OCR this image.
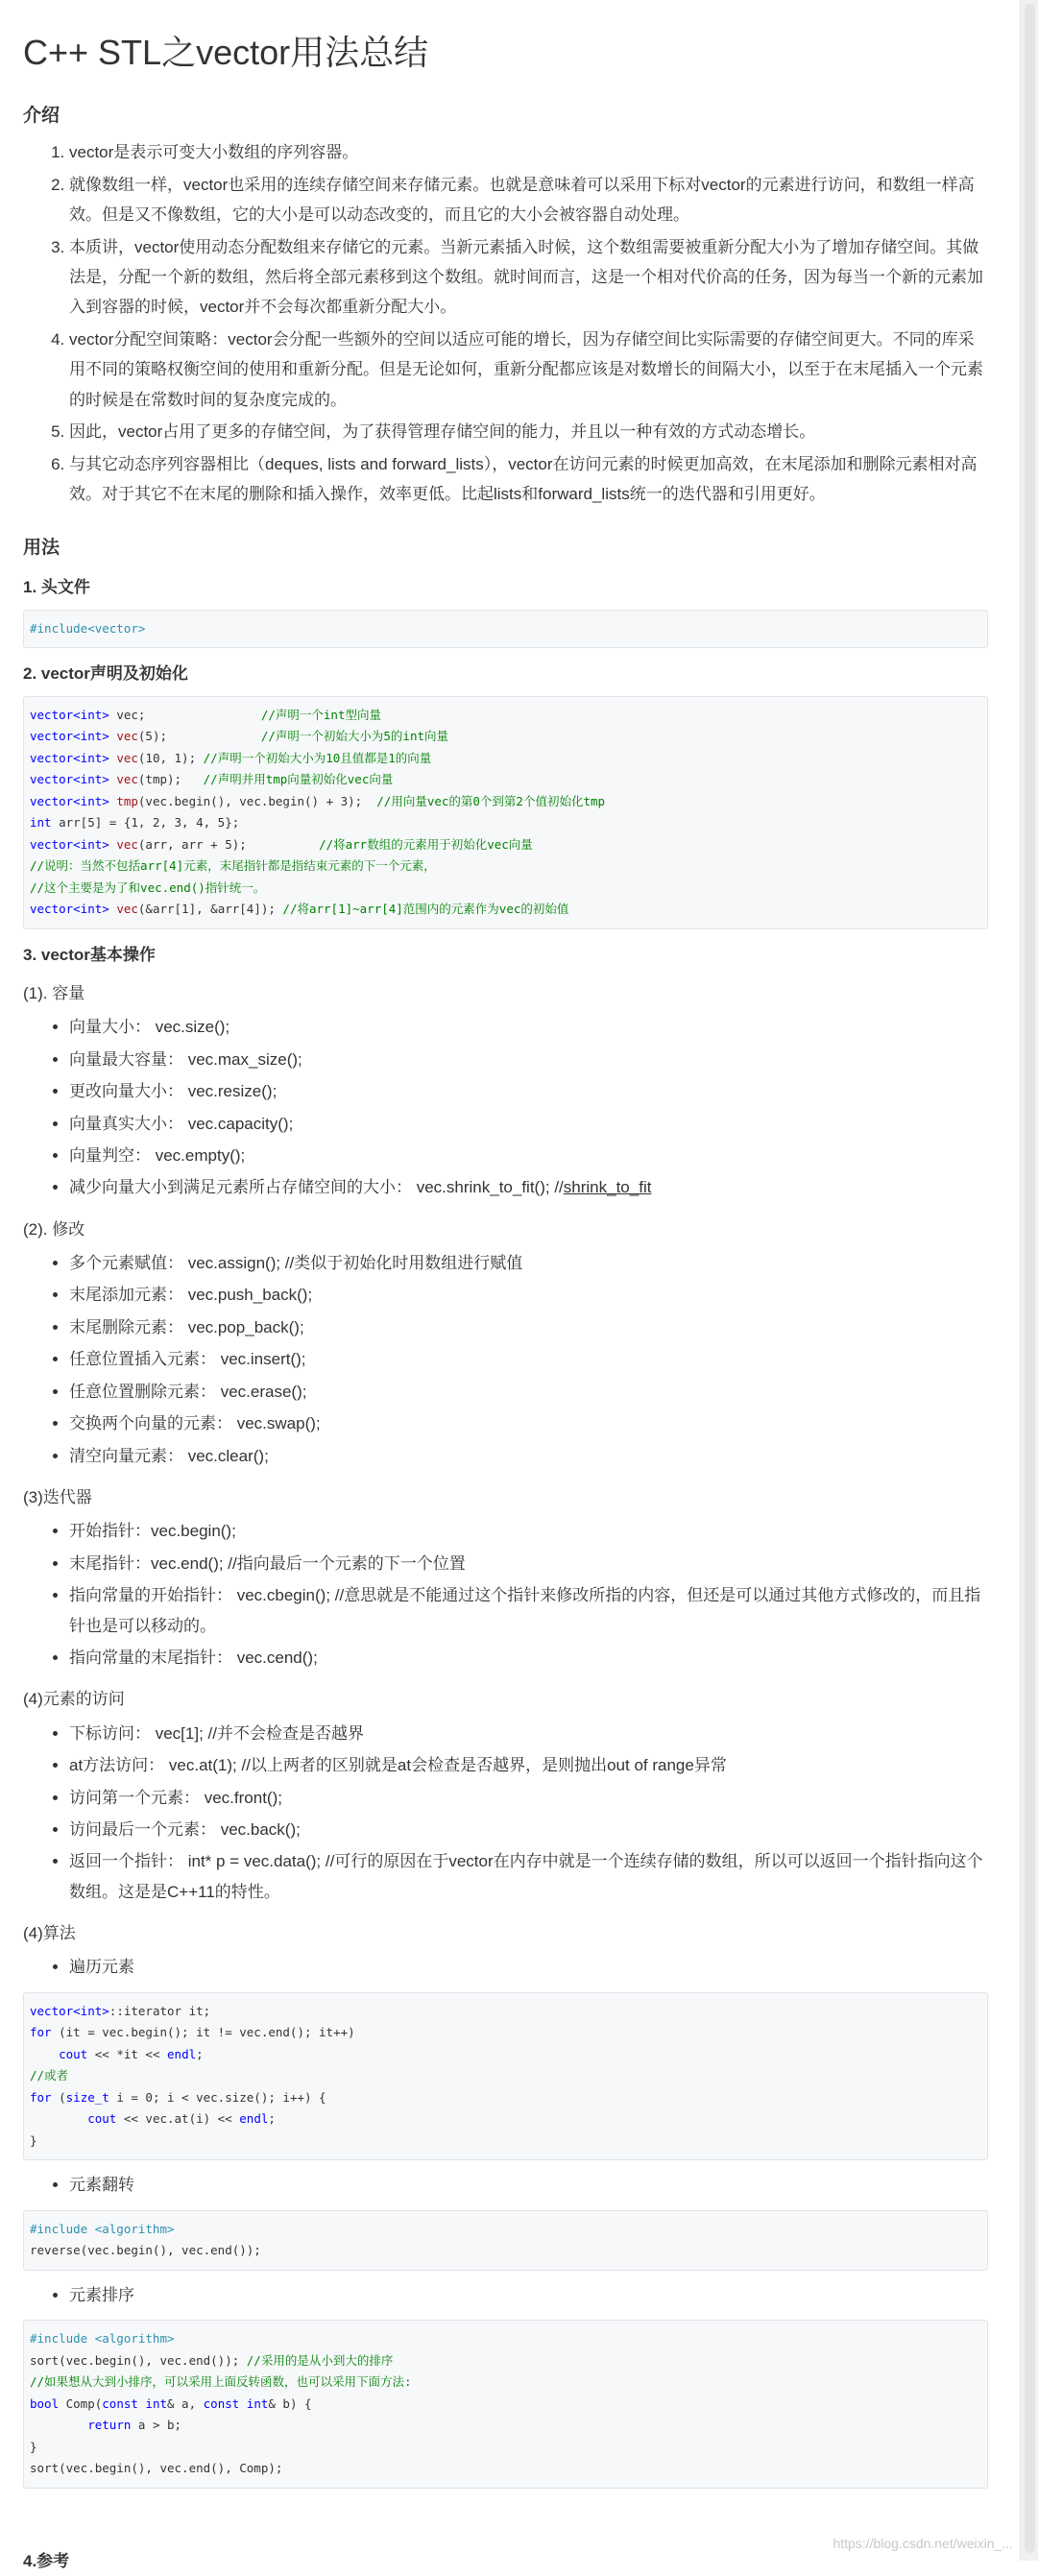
C++ STL之vector用法总结
介绍
1. vector是表示可变大小数组的序列容器。
2. 就像数组一样，vector也采用的连续存储空间来存储元素。也就是意味着可以采用下标对vector的元素进行访问，和数组一样高效。但是又不像数组，它的大小是可以动态改变的，而且它的大小会被容器自动处理。
3. 本质讲，vector使用动态分配数组来存储它的元素。当新元素插入时候，这个数组需要被重新分配大小为了增加存储空间。其做法是，分配一个新的数组，然后将全部元素移到这个数组。就时间而言，这是一个相对代价高的任务，因为每当一个新的元素加入到容器的时候，vector并不会每次都重新分配大小。
4. vector分配空间策略：vector会分配一些额外的空间以适应可能的增长，因为存储空间比实际需要的存储空间更大。不同的库采用不同的策略权衡空间的使用和重新分配。但是无论如何，重新分配都应该是对数增长的间隔大小，以至于在末尾插入一个元素的时候是在常数时间的复杂度完成的。
5. 因此，vector占用了更多的存储空间，为了获得管理存储空间的能力，并且以一种有效的方式动态增长。
6. 与其它动态序列容器相比（deques, lists and forward_lists），vector在访问元素的时候更加高效，在末尾添加和删除元素相对高效。对于其它不在末尾的删除和插入操作，效率更低。比起lists和forward_lists统一的迭代器和引用更好。
用法
1. 头文件
#include<vector>
2. vector声明及初始化
vector<int> vec;                //声明一个int型向量
vector<int> vec(5);             //声明一个初始大小为5的int向量
vector<int> vec(10, 1); //声明一个初始大小为10且值都是1的向量
vector<int> vec(tmp);   //声明并用tmp向量初始化vec向量
vector<int> tmp(vec.begin(), vec.begin() + 3);  //用向量vec的第0个到第2个值初始化tmp
int arr[5] = {1, 2, 3, 4, 5};
vector<int> vec(arr, arr + 5);          //将arr数组的元素用于初始化vec向量
//说明：当然不包括arr[4]元素，末尾指针都是指结束元素的下一个元素，
//这个主要是为了和vec.end()指针统一。
vector<int> vec(&arr[1], &arr[4]); //将arr[1]~arr[4]范围内的元素作为vec的初始值
3. vector基本操作
(1). 容量
• 向量大小： vec.size();
• 向量最大容量： vec.max_size();
• 更改向量大小： vec.resize();
• 向量真实大小： vec.capacity();
• 向量判空： vec.empty();
• 减少向量大小到满足元素所占存储空间的大小： vec.shrink_to_fit(); //shrink_to_fit
(2). 修改
• 多个元素赋值： vec.assign(); //类似于初始化时用数组进行赋值
• 末尾添加元素： vec.push_back();
• 末尾删除元素： vec.pop_back();
• 任意位置插入元素： vec.insert();
• 任意位置删除元素： vec.erase();
• 交换两个向量的元素： vec.swap();
• 清空向量元素： vec.clear();
(3)迭代器
• 开始指针：vec.begin();
• 末尾指针：vec.end(); //指向最后一个元素的下一个位置
• 指向常量的开始指针： vec.cbegin(); //意思就是不能通过这个指针来修改所指的内容，但还是可以通过其他方式修改的，而且指针也是可以移动的。
• 指向常量的末尾指针： vec.cend();
(4)元素的访问
• 下标访问： vec[1]; //并不会检查是否越界
• at方法访问： vec.at(1); //以上两者的区别就是at会检查是否越界，是则抛出out of range异常
• 访问第一个元素： vec.front();
• 访问最后一个元素： vec.back();
• 返回一个指针： int* p = vec.data(); //可行的原因在于vector在内存中就是一个连续存储的数组，所以可以返回一个指针指向这个数组。这是是C++11的特性。
(4)算法
• 遍历元素
vector<int>::iterator it;
for (it = vec.begin(); it != vec.end(); it++)
cout << *it << endl;
//或者
for (size_t i = 0; i < vec.size(); i++) {
cout << vec.at(i) << endl;
}
• 元素翻转
#include <algorithm>
reverse(vec.begin(), vec.end());
• 元素排序
#include <algorithm>
sort(vec.begin(), vec.end()); //采用的是从小到大的排序
//如果想从大到小排序，可以采用上面反转函数，也可以采用下面方法:
bool Comp(const int& a, const int& b) {
return a > b;
}
sort(vec.begin(), vec.end(), Comp);
4.参考
https://blog.csdn.net/weixin_...
